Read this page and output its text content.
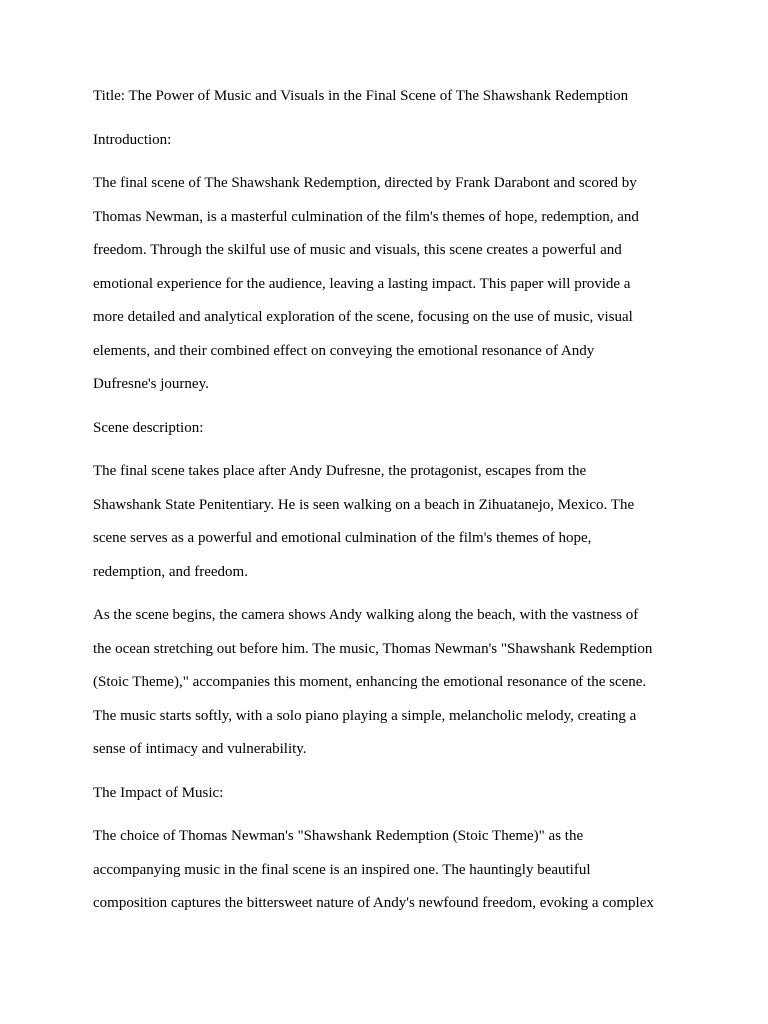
Title: The Power of Music and Visuals in the Final Scene of The Shawshank Redemption
Introduction:
The final scene of The Shawshank Redemption, directed by Frank Darabont and scored by
Thomas Newman, is a masterful culmination of the film's themes of hope, redemption, and
freedom. Through the skilful use of music and visuals, this scene creates a powerful and
emotional experience for the audience, leaving a lasting impact. This paper will provide a
more detailed and analytical exploration of the scene, focusing on the use of music, visual
elements, and their combined effect on conveying the emotional resonance of Andy
Dufresne's journey.
Scene description:
The final scene takes place after Andy Dufresne, the protagonist, escapes from the
Shawshank State Penitentiary. He is seen walking on a beach in Zihuatanejo, Mexico. The
scene serves as a powerful and emotional culmination of the film's themes of hope,
redemption, and freedom.
As the scene begins, the camera shows Andy walking along the beach, with the vastness of
the ocean stretching out before him. The music, Thomas Newman's "Shawshank Redemption
(Stoic Theme)," accompanies this moment, enhancing the emotional resonance of the scene.
The music starts softly, with a solo piano playing a simple, melancholic melody, creating a
sense of intimacy and vulnerability.
The Impact of Music:
The choice of Thomas Newman's "Shawshank Redemption (Stoic Theme)" as the
accompanying music in the final scene is an inspired one. The hauntingly beautiful
composition captures the bittersweet nature of Andy's newfound freedom, evoking a complex
